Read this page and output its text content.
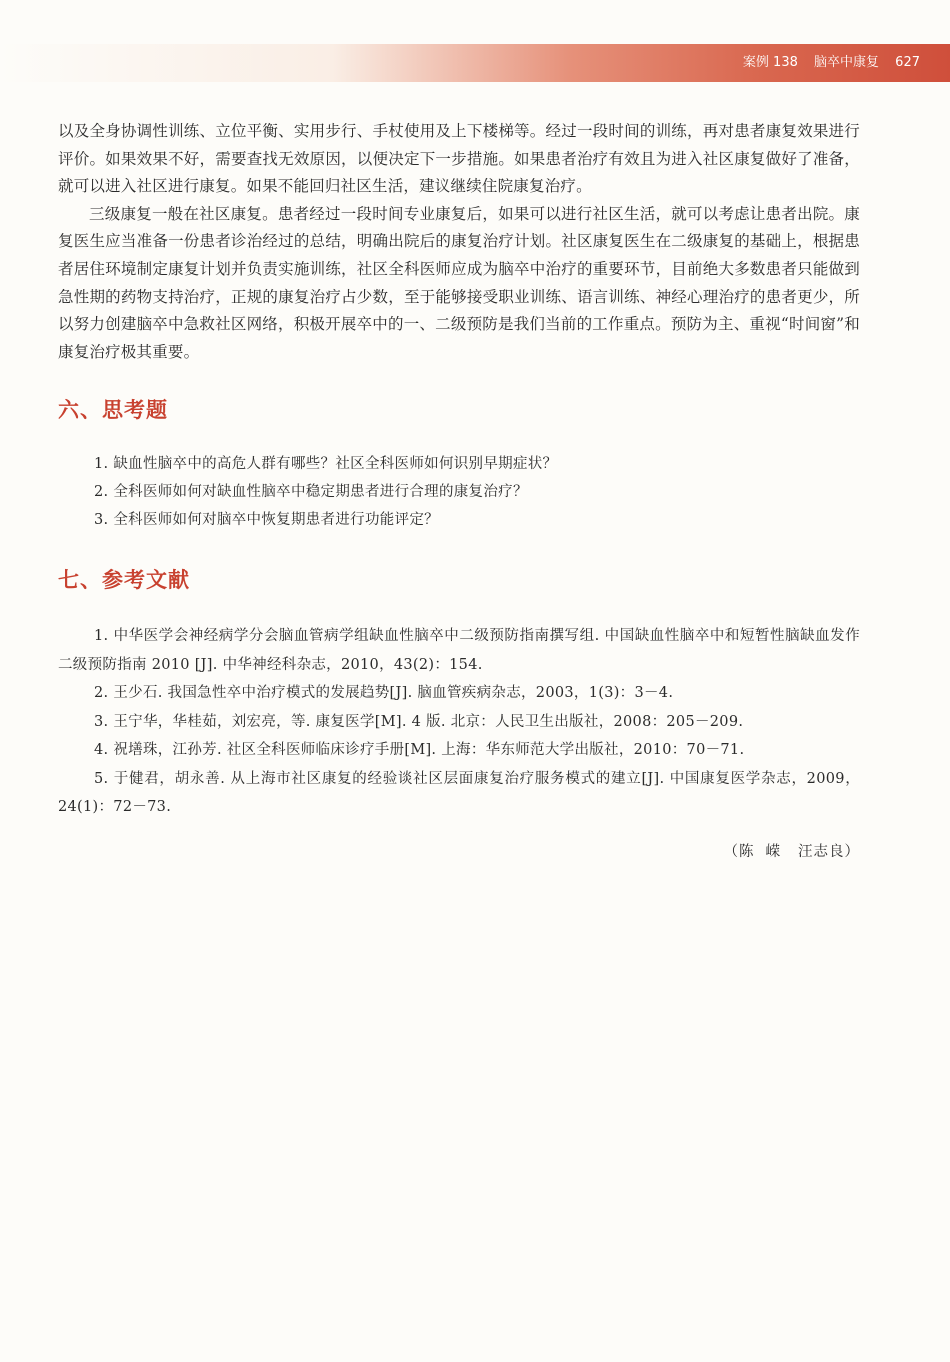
案例 138 脑卒中康复 627

以及全身协调性训练、立位平衡、实用步行、手杖使用及上下楼梯等。经过一段时间的训练，再对患者康复效果进行评价。如果效果不好，需要查找无效原因，以便决定下一步措施。如果患者治疗有效且为进入社区康复做好了准备，就可以进入社区进行康复。如果不能回归社区生活，建议继续住院康复治疗。

三级康复一般在社区康复。患者经过一段时间专业康复后，如果可以进行社区生活，就可以考虑让患者出院。康复医生应当准备一份患者诊治经过的总结，明确出院后的康复治疗计划。社区康复医生在二级康复的基础上，根据患者居住环境制定康复计划并负责实施训练，社区全科医师应成为脑卒中治疗的重要环节，目前绝大多数患者只能做到急性期的药物支持治疗，正规的康复治疗占少数，至于能够接受职业训练、语言训练、神经心理治疗的患者更少，所以努力创建脑卒中急救社区网络，积极开展卒中的一、二级预防是我们当前的工作重点。预防为主、重视“时间窗”和康复治疗极其重要。

六、思考题
1. 缺血性脑卒中的高危人群有哪些？社区全科医师如何识别早期症状？
2. 全科医师如何对缺血性脑卒中稳定期患者进行合理的康复治疗？
3. 全科医师如何对脑卒中恢复期患者进行功能评定？
七、参考文献
1. 中华医学会神经病学分会脑血管病学组缺血性脑卒中二级预防指南撰写组. 中国缺血性脑卒中和短暂性脑缺血发作二级预防指南 2010 [J]. 中华神经科杂志，2010，43(2)：154.
2. 王少石. 我国急性卒中治疗模式的发展趋势[J]. 脑血管疾病杂志，2003，1(3)：3－4.
3. 王宁华，华桂茹，刘宏亮，等. 康复医学[M]. 4 版. 北京：人民卫生出版社，2008：205－209.
4. 祝墡珠，江孙芳. 社区全科医师临床诊疗手册[M]. 上海：华东师范大学出版社，2010：70－71.
5. 于健君，胡永善. 从上海市社区康复的经验谈社区层面康复治疗服务模式的建立[J]. 中国康复医学杂志，2009，24(1)：72－73.
（陈  嵘   汪志良）
